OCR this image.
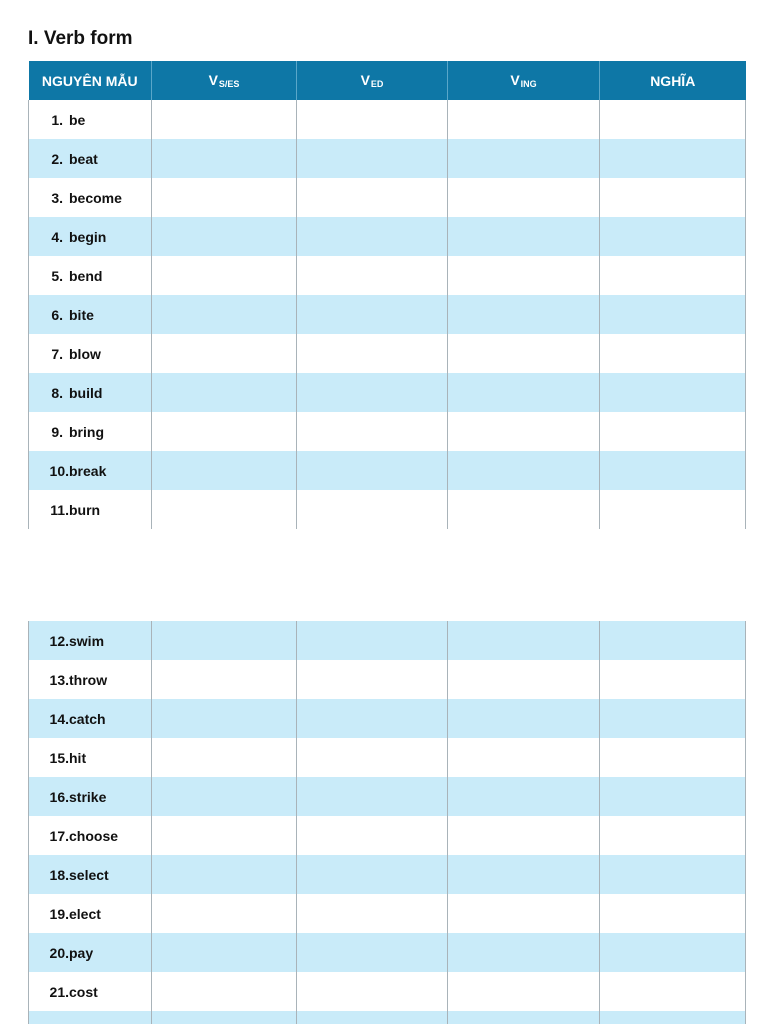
I. Verb form
NGUYÊN MẪU	$V_{S/ES}$	$V_{ED}$	$V_{ING}$	NGHĨA
1. be				
2. beat				
3. become				
4. begin				
5. bend				
6. bite				
7. blow				
8. build				
9. bring				
10.break				
11.burn				
12.swim				
13.throw				
14.catch				
15.hit				
16.strike				
17.choose				
18.select				
19.elect				
20.pay				
21.cost				
